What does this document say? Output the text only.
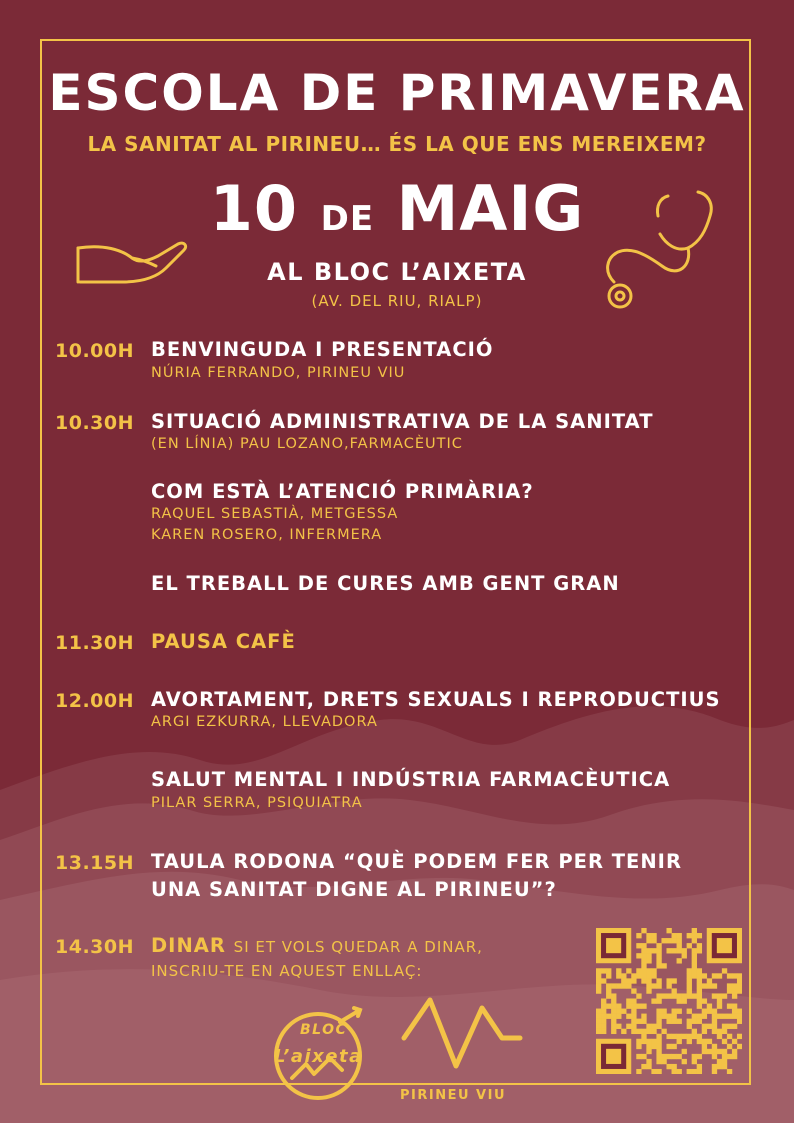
ESCOLA DE PRIMAVERA
LA SANITAT AL PIRINEU… ÉS LA QUE ENS MEREIXEM?
10 DE MAIG
AL BLOC L’AIXETA
(AV. DEL RIU, RIALP)
10.00H BENVINGUDA I PRESENTACIÓ
NÚRIA FERRANDO, PIRINEU VIU
10.30H SITUACIÓ ADMINISTRATIVA DE LA SANITAT
(EN LÍNIA) PAU LOZANO,FARMACÈUTIC
COM ESTÀ L’ATENCIÓ PRIMÀRIA?
RAQUEL SEBASTIÀ, METGESSA
KAREN ROSERO, INFERMERA
EL TREBALL DE CURES AMB GENT GRAN
11.30H PAUSA CAFÈ
12.00H AVORTAMENT, DRETS SEXUALS I REPRODUCTIUS
ARGI EZKURRA, LLEVADORA
SALUT MENTAL I INDÚSTRIA FARMACÈUTICA
PILAR SERRA, PSIQUIATRA
13.15H TAULA RODONA “QUÈ PODEM FER PER TENIR
UNA SANITAT DIGNE AL PIRINEU”?
14.30H DINAR SI ET VOLS QUEDAR A DINAR,
INSCRIU-TE EN AQUEST ENLLAÇ:
BLOC
L’aixeta
PIRINEU VIU
